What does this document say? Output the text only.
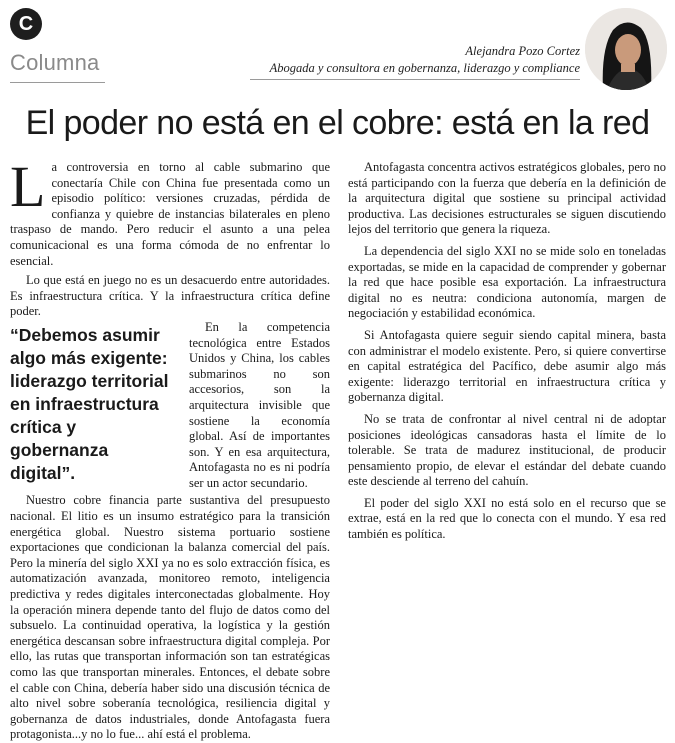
C
Columna	Alejandra Pozo Cortez
Abogada y consultora en gobernanza, liderazgo y compliance
El poder no está en el cobre: está en la red

La controversia en torno al cable submarino que conectaría Chile con China fue presentada como un episodio político: versiones cruzadas, pérdida de confianza y quiebre de instancias bilaterales en pleno traspaso de mando. Pero reducir el asunto a una pelea comunicacional es una forma cómoda de no enfrentar lo esencial.

Lo que está en juego no es un desacuerdo entre autoridades. Es infraestructura crítica. Y la infraestructura crítica define poder.

“Debemos asumir algo más exigente: liderazgo territorial en infraestructura crítica y gobernanza digital”.

En la competencia tecnológica entre Estados Unidos y China, los cables submarinos no son accesorios, son la arquitectura invisible que sostiene la economía global. Así de importantes son. Y en esa arquitectura, Antofagasta no es ni podría ser un actor secundario.

Nuestro cobre financia parte sustantiva del presupuesto nacional. El litio es un insumo estratégico para la transición energética global. Nuestro sistema portuario sostiene exportaciones que condicionan la balanza comercial del país. Pero la minería del siglo XXI ya no es solo extracción física, es automatización avanzada, monitoreo remoto, inteligencia predictiva y redes digitales interconectadas globalmente. Hoy la operación minera depende tanto del flujo de datos como del subsuelo. La continuidad operativa, la logística y la gestión energética descansan sobre infraestructura digital compleja. Por ello, las rutas que transportan información son tan estratégicas como las que transportan minerales. Entonces, el debate sobre el cable con China, debería haber sido una discusión técnica de alto nivel sobre soberanía tecnológica, resiliencia digital y gobernanza de datos industriales, donde Antofagasta fuera protagonista...y no lo fue... ahí está el problema.

Antofagasta concentra activos estratégicos globales, pero no está participando con la fuerza que debería en la definición de la arquitectura digital que sostiene su principal actividad productiva. Las decisiones estructurales se siguen discutiendo lejos del territorio que genera la riqueza.

La dependencia del siglo XXI no se mide solo en toneladas exportadas, se mide en la capacidad de comprender y gobernar la red que hace posible esa exportación. La infraestructura digital no es neutra: condiciona autonomía, margen de negociación y estabilidad económica.

Si Antofagasta quiere seguir siendo capital minera, basta con administrar el modelo existente. Pero, si quiere convertirse en capital estratégica del Pacífico, debe asumir algo más exigente: liderazgo territorial en infraestructura crítica y gobernanza digital.

No se trata de confrontar al nivel central ni de adoptar posiciones ideológicas cansadoras hasta el límite de lo tolerable. Se trata de madurez institucional, de producir pensamiento propio, de elevar el estándar del debate cuando este desciende al terreno del cahuín.

El poder del siglo XXI no está solo en el recurso que se extrae, está en la red que lo conecta con el mundo. Y esa red también es política.
